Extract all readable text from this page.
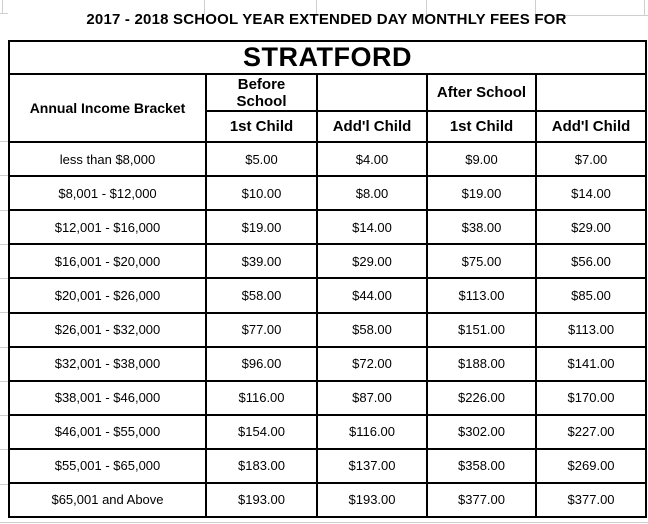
2017 - 2018 SCHOOL YEAR EXTENDED DAY MONTHLY FEES FOR
STRATFORD				
Annual Income Bracket	Before School		After School	
	1st Child	Add'l Child	1st Child	Add'l Child
less than $8,000	$5.00	$4.00	$9.00	$7.00
$8,001 - $12,000	$10.00	$8.00	$19.00	$14.00
$12,001 - $16,000	$19.00	$14.00	$38.00	$29.00
$16,001 - $20,000	$39.00	$29.00	$75.00	$56.00
$20,001 - $26,000	$58.00	$44.00	$113.00	$85.00
$26,001 - $32,000	$77.00	$58.00	$151.00	$113.00
$32,001 - $38,000	$96.00	$72.00	$188.00	$141.00
$38,001 - $46,000	$116.00	$87.00	$226.00	$170.00
$46,001 - $55,000	$154.00	$116.00	$302.00	$227.00
$55,001 - $65,000	$183.00	$137.00	$358.00	$269.00
$65,001 and Above	$193.00	$193.00	$377.00	$377.00
